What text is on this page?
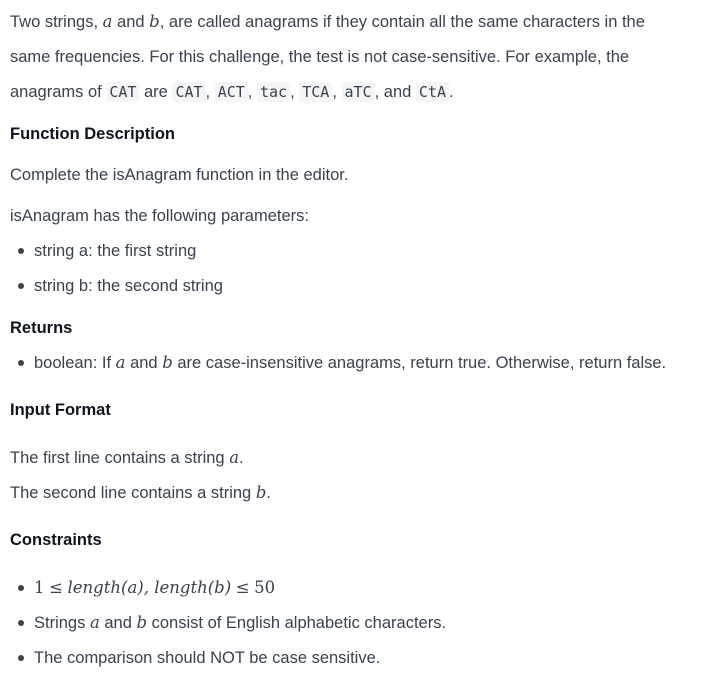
Two strings, a and b, are called anagrams if they contain all the same characters in the
same frequencies. For this challenge, the test is not case-sensitive. For example, the
anagrams of CAT are CAT , ACT , tac , TCA , aTC , and CtA .
Function Description
Complete the isAnagram function in the editor.
isAnagram has the following parameters:
string a: the first string
string b: the second string
Returns
boolean: If a and b are case-insensitive anagrams, return true. Otherwise, return false.
Input Format
The first line contains a string a.
The second line contains a string b.
Constraints
1 ≤ length(a), length(b) ≤ 50
Strings a and b consist of English alphabetic characters.
The comparison should NOT be case sensitive.
